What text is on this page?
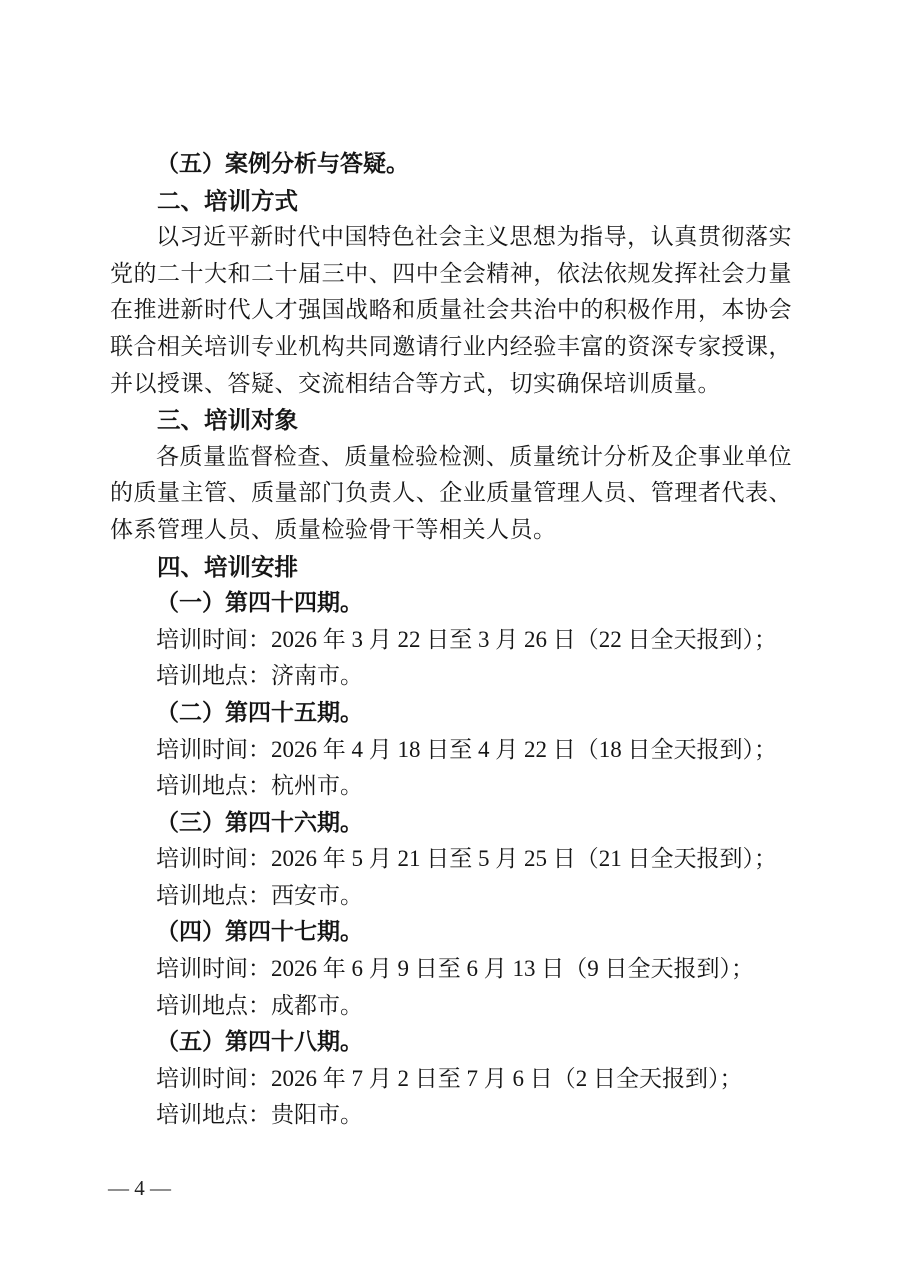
（五）案例分析与答疑。

二、培训方式

以习近平新时代中国特色社会主义思想为指导，认真贯彻落实党的二十大和二十届三中、四中全会精神，依法依规发挥社会力量在推进新时代人才强国战略和质量社会共治中的积极作用，本协会联合相关培训专业机构共同邀请行业内经验丰富的资深专家授课，并以授课、答疑、交流相结合等方式，切实确保培训质量。

三、培训对象

各质量监督检查、质量检验检测、质量统计分析及企事业单位的质量主管、质量部门负责人、企业质量管理人员、管理者代表、体系管理人员、质量检验骨干等相关人员。

四、培训安排

（一）第四十四期。

培训时间：2026 年 3 月 22 日至 3 月 26 日（22 日全天报到）；

培训地点：济南市。

（二）第四十五期。

培训时间：2026 年 4 月 18 日至 4 月 22 日（18 日全天报到）；

培训地点：杭州市。

（三）第四十六期。

培训时间：2026 年 5 月 21 日至 5 月 25 日（21 日全天报到）；

培训地点：西安市。

（四）第四十七期。

培训时间：2026 年 6 月 9 日至 6 月 13 日（9 日全天报到）；

培训地点：成都市。

（五）第四十八期。

培训时间：2026 年 7 月 2 日至 7 月 6 日（2 日全天报到）；

培训地点：贵阳市。

— 4 —
